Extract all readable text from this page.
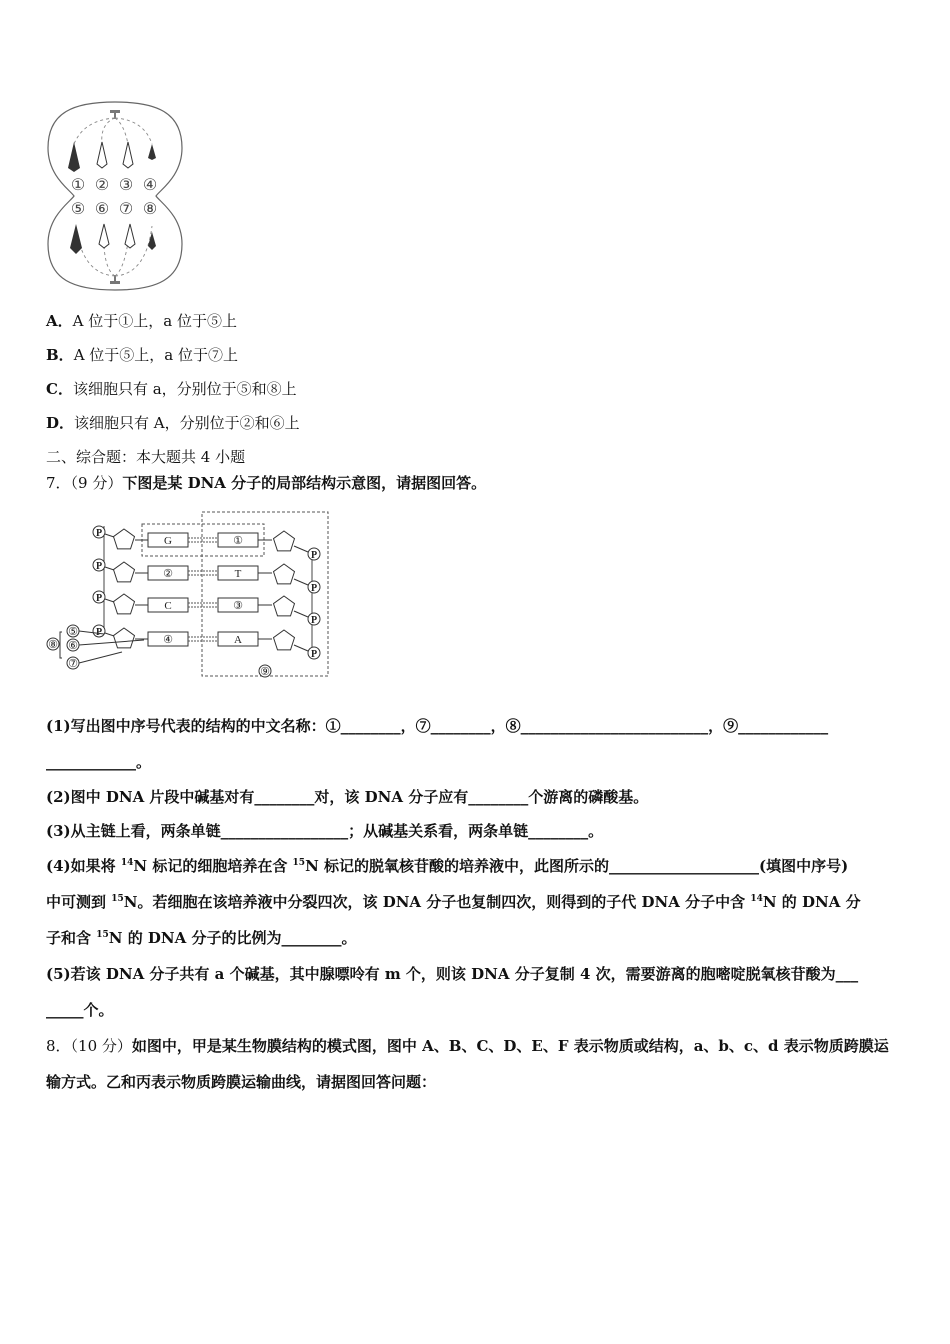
① ② ③ ④
⑤ ⑥ ⑦ ⑧
A．A 位于①上，a 位于⑤上
B．A 位于⑤上，a 位于⑦上
C．该细胞只有 a，分别位于⑤和⑧上
D．该细胞只有 A，分别位于②和⑥上
二、综合题：本大题共 4 小题
7．（9 分）下图是某 DNA 分子的局部结构示意图，请据图回答。
P
G	①
P
P
②	T
P
P
C	③
P
P
④	A
P
⑤
⑥
⑦
⑧
⑨
(1)写出图中序号代表的结构的中文名称：①________，⑦________，⑧_________________________，⑨____________
____________。
(2)图中 DNA 片段中碱基对有________对，该 DNA 分子应有________个游离的磷酸基。
(3)从主链上看，两条单链_________________；从碱基关系看，两条单链________。
(4)如果将 $^{14}$N 标记的细胞培养在含 $^{15}$N 标记的脱氧核苷酸的培养液中，此图所示的____________________(填图中序号)
中可测到 $^{15}$N。若细胞在该培养液中分裂四次，该 DNA 分子也复制四次，则得到的子代 DNA 分子中含 $^{14}$N 的 DNA 分
子和含 $^{15}$N 的 DNA 分子的比例为________。
(5)若该 DNA 分子共有 a 个碱基，其中腺嘌呤有 m 个，则该 DNA 分子复制 4 次，需要游离的胞嘧啶脱氧核苷酸为___
_____个。
8．（10 分）如图中，甲是某生物膜结构的模式图，图中 A、B、C、D、E、F 表示物质或结构，a、b、c、d 表示物质跨膜运
输方式。乙和丙表示物质跨膜运输曲线，请据图回答问题：
